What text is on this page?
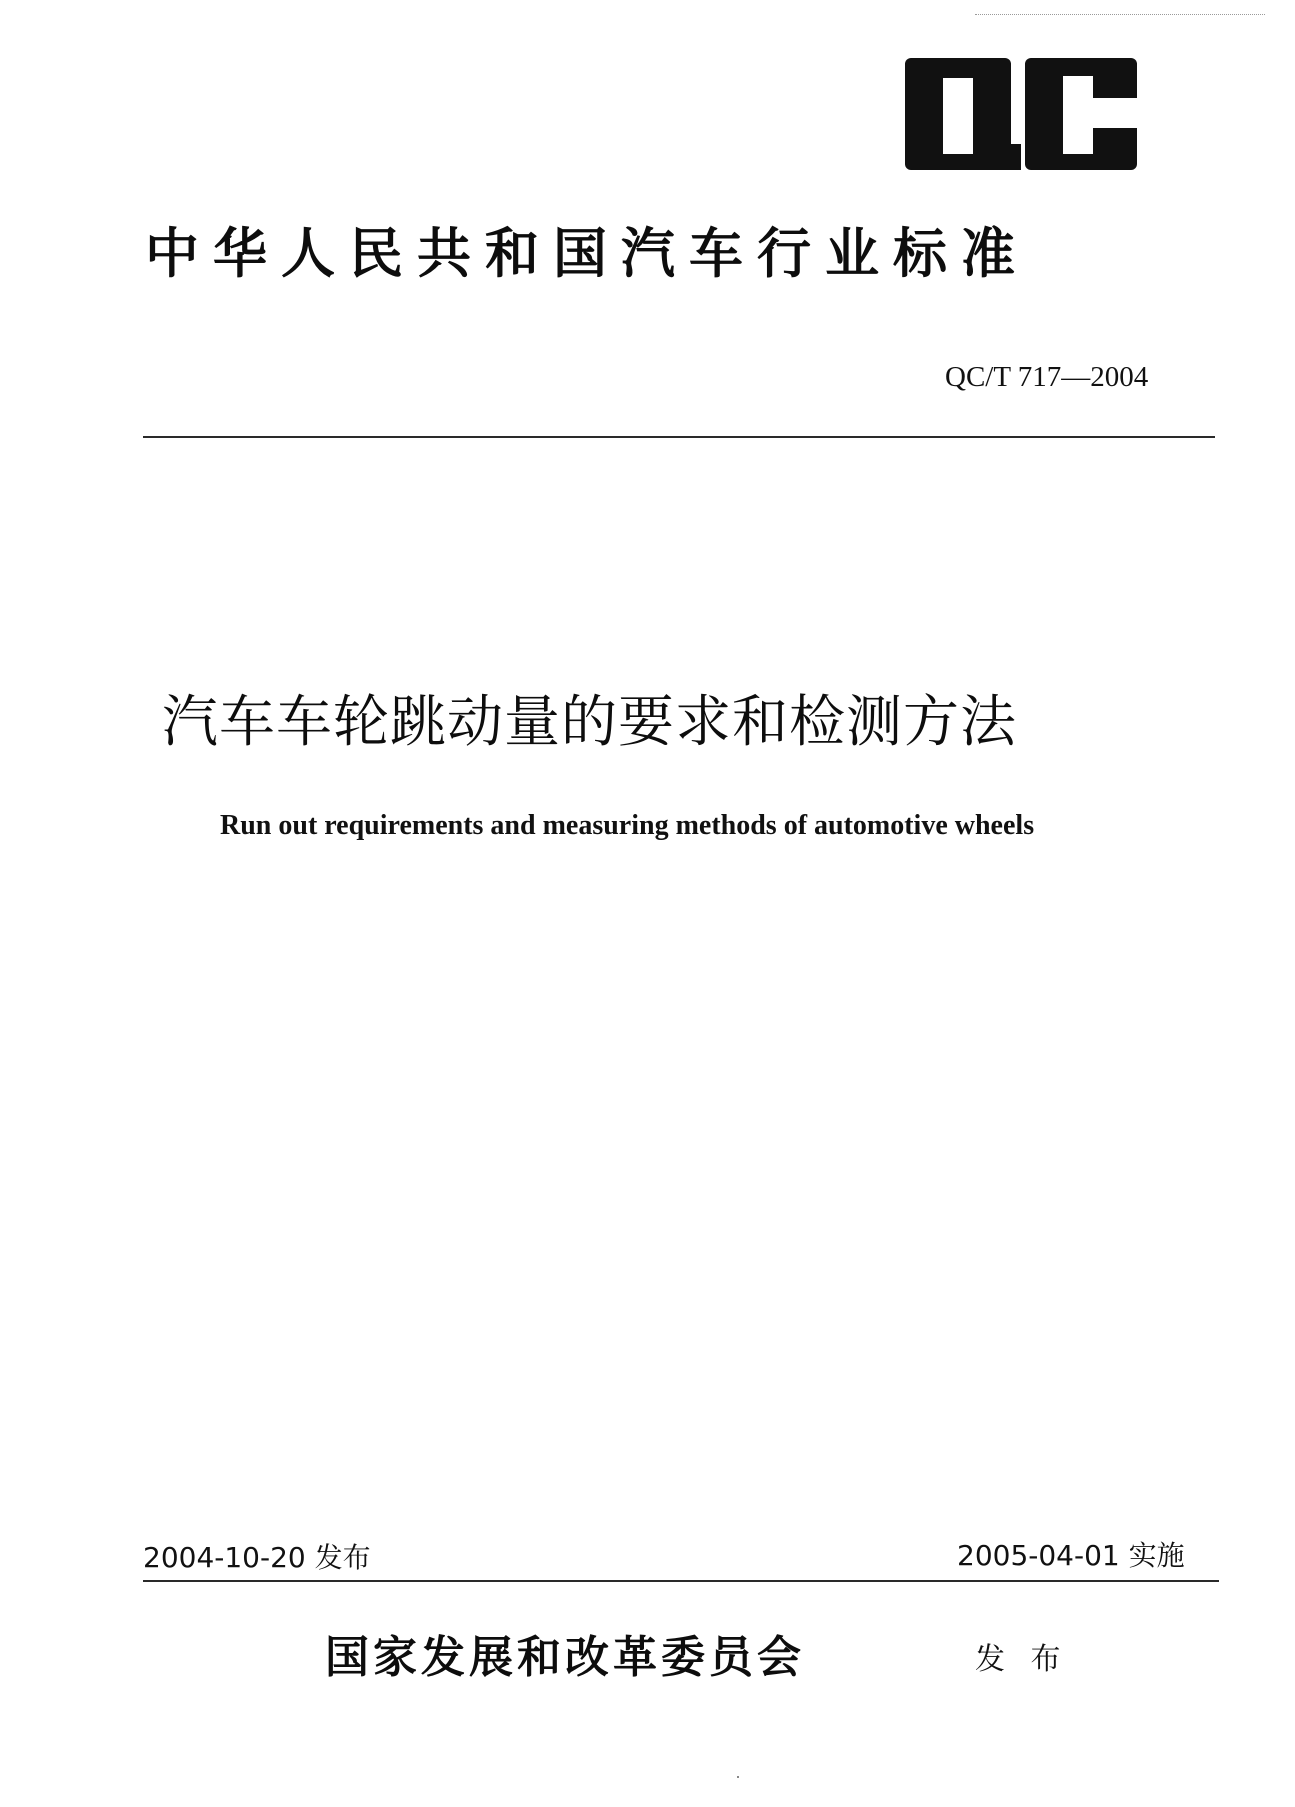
中华人民共和国汽车行业标准
QC/T 717—2004
汽车车轮跳动量的要求和检测方法
Run out requirements and measuring methods of automotive wheels
2004-10-20 发布	2005-04-01 实施
国家发展和改革委员会	发 布
